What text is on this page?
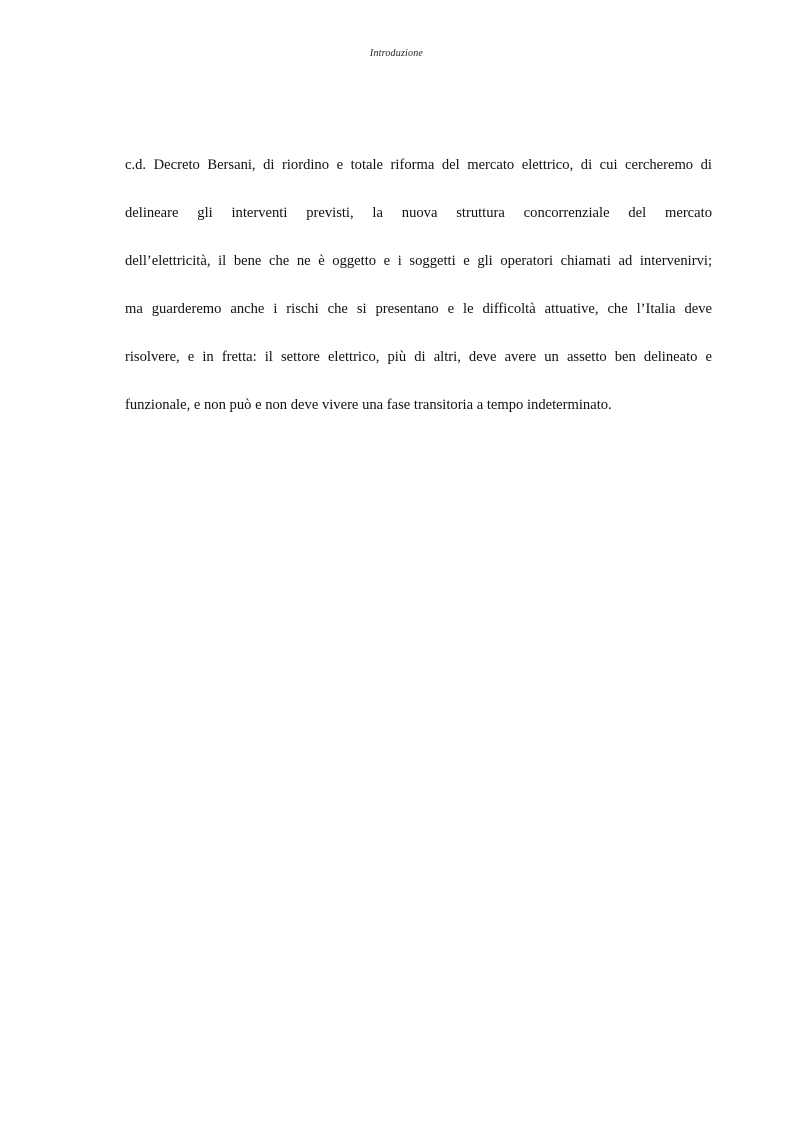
Introduzione
c.d. Decreto Bersani, di riordino e totale riforma del mercato elettrico, di cui cercheremo di
delineare gli interventi previsti, la nuova struttura concorrenziale del mercato
dell’elettricità, il bene che ne è oggetto e i soggetti e gli operatori chiamati ad intervenirvi;
ma guarderemo anche i rischi che si presentano e le difficoltà attuative, che l’Italia deve
risolvere, e in fretta: il settore elettrico, più di altri, deve avere un assetto ben delineato e
funzionale, e non può e non deve vivere una fase transitoria a tempo indeterminato.
